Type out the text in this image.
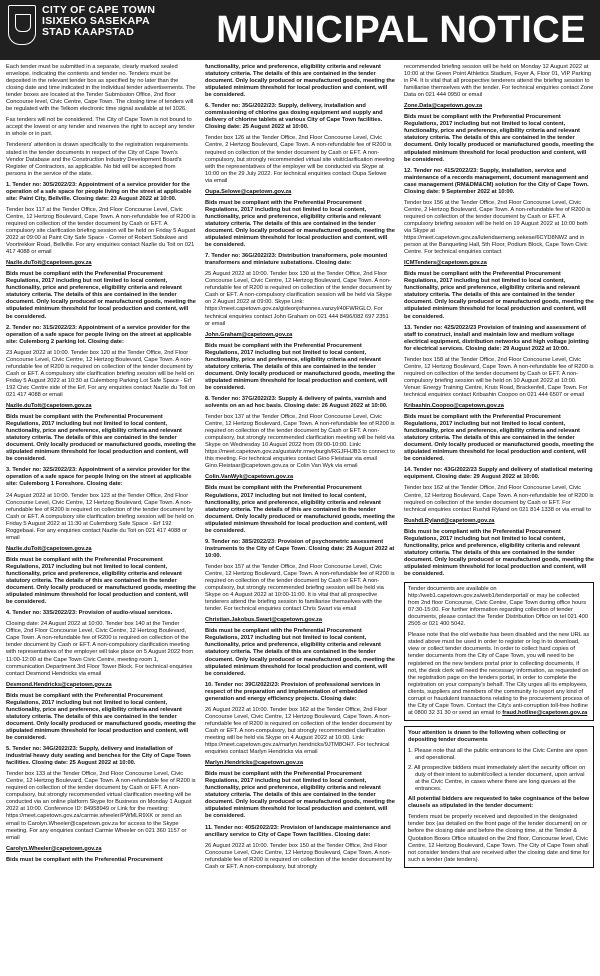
CITY OF CAPE TOWN
ISIXEKO SASEKAPA
STAD KAAPSTAD	MUNICIPAL NOTICE

Each tender must be submitted in a separate, clearly marked sealed envelope, indicating the contents and tender no. Tenders must be deposited in the relevant tender box as specified by no later than the closing date and time indicated in the individual tender advertisements. The tender boxes are located at the Tender Submission Office, 2nd floor Concourse level, Civic Centre, Cape Town. The closing time of tenders will be regulated with the Telkom electronic time signal available at tel 1026.

Fax tenders will not be considered. The City of Cape Town is not bound to accept the lowest or any tender and reserves the right to accept any tender in whole or in part.

Tenderers' attention is drawn specifically to the registration requirements stated in the tender documents in respect of the City of Cape Town's Vendor Database and the Construction Industry Development Board's Register of Contractors, as applicable. No bid will be accepted from persons in the service of the state.

1. Tender no: 30S/2022/23: Appointment of a service provider for the operation of a safe space for people living on the street at applicable site: Paint City, Bellville. Closing date: 23 August 2022 at 10:00.

Tender box 117 at the Tender Office, 2nd Floor Concourse Level, Civic Centre, 12 Hertzog Boulevard, Cape Town. A non-refundable fee of R200 is required on collection of the tender document by Cash or EFT. A compulsory site clarification briefing session will be held on Friday 5 August 2022 at 09:00 at Paint City Safe Space - Corner of Robert Sobukwe and Voortrekker Road, Bellville. For any enquiries contact Nazlie du Toit on 021 417 4088 or email

Nazlie.duToit@capetown.gov.za

Bids must be compliant with the Preferential Procurement Regulations, 2017 including but not limited to local content, functionality, price and preference, eligibility criteria and relevant statutory criteria. The details of this are contained in the tender document. Only locally produced or manufactured goods, meeting the stipulated minimum threshold for local production and content, will be considered.

2. Tender no: 31S/2022/23: Appointment of a service provider for the operation of a safe space for people living on the street at applicable site: Culemborg 2 parking lot. Closing date:

23 August 2022 at 10:00. Tender box 120 at the Tender Office, 2nd Floor Concourse Level, Civic Centre, 12 Hertzog Boulevard, Cape Town. A non-refundable fee of R200 is required on collection of the tender document by Cash or EFT. A compulsory site clarification briefing session will be held on Friday 5 August 2022 at 10:30 at Culemborg Parking Lot Safe Space - Erf 192 Civic Centre side of the Erf. For any enquiries contact Nazlie du Toit on 021 417 4088 or email

Nazlie.duToit@capetown.gov.za

Bids must be compliant with the Preferential Procurement Regulations, 2017 including but not limited to local content, functionality, price and preference, eligibility criteria and relevant statutory criteria. The details of this are contained in the tender document. Only locally produced or manufactured goods, meeting the stipulated minimum threshold for local production and content, will be considered.

3. Tender no: 32S/2022/23: Appointment of a service provider for the operation of a safe space for people living on the street at applicable site: Culemborg 1 Foreshore. Closing date:

24 August 2022 at 10:00. Tender box 123 at the Tender Office, 2nd Floor Concourse Level, Civic Centre, 12 Hertzog Boulevard, Cape Town. A non-refundable fee of R200 is required on collection of the tender document by Cash or EFT. A compulsory site clarification briefing session will be held on Friday 5 August 2022 at 11:30 at Culemborg Safe Space - Erf 192 Roggebaai. For any enquiries contact Nazlie du Toit on 021 417 4088 or email

Nazlie.duToit@capetown.gov.za

Bids must be compliant with the Preferential Procurement Regulations, 2017 including but not limited to local content, functionality, price and preference, eligibility criteria and relevant statutory criteria. The details of this are contained in the tender document. Only locally produced or manufactured goods, meeting the stipulated minimum threshold for local production and content, will be considered.

4. Tender no: 33S/2022/23: Provision of audio-visual services.

Closing date: 24 August 2022 at 10:00. Tender box 140 at the Tender Office, 2nd Floor Concourse Level, Civic Centre, 12 Hertzog Boulevard, Cape Town. A non-refundable fee of R200 is required on collection of the tender document by Cash or EFT. A non-compulsory clarification meeting with representatives of the employer will take place on 5 August 2022 from 11:00-12:00 at the Cape Town Civic Centre, meeting room 1, communication Department 3rd Floor Tower Block. For technical enquiries contact Desmond Hendricks via email

Desmond.Hendricks@capetown.gov.za

Bids must be compliant with the Preferential Procurement Regulations, 2017 including but not limited to local content, functionality, price and preference, eligibility criteria and relevant statutory criteria. The details of this are contained in the tender document. Only locally produced or manufactured goods, meeting the stipulated minimum threshold for local production and content, will be considered.

5. Tender no: 34G/2022/23: Supply, delivery and installation of industrial heavy duty seating and benches for the City of Cape Town facilities. Closing date: 25 August 2022 at 10:00.

Tender box 133 at the Tender Office, 2nd Floor Concourse Level, Civic Centre, 12 Hertzog Boulevard, Cape Town. A non-refundable fee of R200 is required on collection of the tender document by Cash or EFT. A non-compulsory, but strongly recommended virtual clarification meeting will be conducted via an online platform Skype for Business on Monday 1 August 2022 at 10:00. Conference ID: 84958949 or Link for the meeting: https://meet.capetown.gov.za/carmie.wheeler/PWMLR9XK or send an email to Carolyn.Wheeler@capetown.gov.za for access to the Skype meeting. For any enquiries contact Carmie Wheeler on 021 360 1157 or email

Carolyn.Wheeler@capetown.gov.za

Bids must be compliant with the Preferential Procurement

functionality, price and preference, eligibility criteria and relevant statutory criteria. The details of this are contained in the tender document. Only locally produced or manufactured goods, meeting the stipulated minimum threshold for local production and content, will be considered.

6. Tender no: 35G/2022/23: Supply, delivery, installation and commissioning of chlorine gas dosing equipment and supply and delivery of chlorine tablets at various City of Cape Town facilities. Closing date: 25 August 2022 at 10:00.

Tender box 126 at the Tender Office, 2nd Floor Concourse Level, Civic Centre, 2 Hertzog Boulevard, Cape Town. A non-refundable fee of R200 is required on collection of the tender document by Cash or EFT. A non-compulsory, but strongly recommended virtual site visit/clarification meeting with the representatives of the employer will be conducted via Skype at 10:00 on the 29 July 2022. For technical enquiries contact Oupa Selowe via email

Oupa.Selowe@capetown.gov.za

Bids must be compliant with the Preferential Procurement Regulations, 2017 including but not limited to local content, functionality, price and preference, eligibility criteria and relevant statutory criteria. The details of this are contained in the tender document. Only locally produced or manufactured goods, meeting the stipulated minimum threshold for local production and content, will be considered.

7. Tender no: 36G/2022/23: Distribution transformers, pole mounted transformers and miniature substations. Closing date:

25 August 2022 at 10:00. Tender box 130 at the Tender Office, 2nd Floor Concourse Level, Civic Centre, 12 Hertzog Boulevard, Cape Town. A non-refundable fee of R200 is required on collection of the tender document by Cash or EFT. A non-compulsory clarification session will be held via Skype on 2 August 2022 at 09:00. Skype Link: https://meet.capetown.gov.za/gideonjohannes.vanzyl/40FWRGLO. For technical enquiries contact John Graham on 021 444 8496/082 697 2351 or email

John.Graham@capetown.gov.za

Bids must be compliant with the Preferential Procurement Regulations, 2017 including but not limited to local content, functionality, price and preference, eligibility criteria and relevant statutory criteria. The details of this are contained in the tender document. Only locally produced or manufactured goods, meeting the stipulated minimum threshold for local production and content, will be considered.

8. Tender no: 37G/2022/23: Supply & delivery of paints, varnish and solvents on an ad hoc basis. Closing date: 26 August 2022 at 10:00.

Tender box 137 at the Tender Office, 2nd Floor Concourse Level, Civic Centre, 12 Hertzog Boulevard, Cape Town. A non-refundable fee of R200 is required on collection of the tender document by Cash or EFT. A non-compulsory, but strongly recommended clarification meeting will be held via Skype on Wednesday 10 August 2022 from 09:00-10:00. Link: https://meet.capetown.gov.za/gustavhr.rmeyburgh/RGJFHJB3 to connect to this meeting. For technical enquiries contact Gino Fleistaar via email Gino.Fleistaar@capetown.gov.za or Colin Van Wyk via email

Colin.VanWyk@capetown.gov.za

Bids must be compliant with the Preferential Procurement Regulations, 2017 including but not limited to local content, functionality, price and preference, eligibility criteria and relevant statutory criteria. The details of this are contained in the tender document. Only locally produced or manufactured goods, meeting the stipulated minimum threshold for local production and content, will be considered.

9. Tender no: 38S/2022/23: Provision of psychometric assessment instruments to the City of Cape Town. Closing date: 25 August 2022 at 10:00.

Tender box 157 at the Tender Office, 2nd Floor Concourse Level, Civic Centre, 12 Hertzog Boulevard, Cape Town. A non-refundable fee of R200 is required on collection of the tender document by Cash or EFT. A non-compulsory, but strongly recommended briefing session will be held via Skype on 4 August 2022 at 10:00-11:00. It is vital that all prospective tenderers attend the briefing session to familiarise themselves with the tender. For technical enquiries contact Chris Swart via email

Christian.Jakobus.Swart@capetown.gov.za

Bids must be compliant with the Preferential Procurement Regulations, 2017 including but not limited to local content, functionality, price and preference, eligibility criteria and relevant statutory criteria. The details of this are contained in the tender document. Only locally produced or manufactured goods, meeting the stipulated minimum threshold for local production and content, will be considered.

10. Tender no: 39C/2022/23: Provision of professional services in respect of the preparation and implementation of embedded generation and energy efficiency projects. Closing date:

26 August 2022 at 10:00. Tender box 162 at the Tender Office, 2nd Floor Concourse Level, Civic Centre, 12 Hertzog Boulevard, Cape Town. A non-refundable fee of R200 is required on collection of the tender document by Cash or EFT. A non-compulsory, but strongly recommended clarification meeting will be held via Skype on 4 August 2022 at 10:00. Link: https://meet.capetown.gov.za/marlyn.hendricks/9JTM8OH7. For technical enquiries contact Marlyn Hendricks via email

Marlyn.Hendricks@capetown.gov.za

Bids must be compliant with the Preferential Procurement Regulations, 2017 including but not limited to local content, functionality, price and preference, eligibility criteria and relevant statutory criteria. The details of this are contained in the tender document. Only locally produced or manufactured goods, meeting the stipulated minimum threshold for local production and content, will be considered.

11. Tender no: 40S/2022/23: Provision of landscape maintenance and ancillary service to City of Cape Town facilities. Closing date:

26 August 2022 at 10:00. Tender box 150 at the Tender Office, 2nd Floor Concourse Level, Civic Centre, 12 Hertzog Boulevard, Cape Town. A non-refundable fee of R200 is required on collection of the tender document by Cash or EFT. A non-compulsory, but strongly

recommended briefing session will be held on Monday 12 August 2022 at 10:00 at the Green Point Athletics Stadium, Foyer A, Floor 01, VIP Parking in P4. It is vital that all prospective tenderers attend the briefing session to familiarise themselves with the tender. For technical enquiries contact Zone Data on 021 444 0950 or email

Zone.Data@capetown.gov.za

Bids must be compliant with the Preferential Procurement Regulations, 2017 including but not limited to local content, functionality, price and preference, eligibility criteria and relevant statutory criteria. The details of this are contained in the tender document. Only locally produced or manufactured goods, meeting the stipulated minimum threshold for local production and content, will be considered.

12. Tender no: 41S/2022/23: Supply, installation, service and maintenance of a records management, document management and case management (RM&DM&CM) solution for the City of Cape Town. Closing date: 9 September 2022 at 10:00.

Tender box 156 at the Tender Office, 2nd Floor Concourse Level, Civic Centre, 2 Hertzog Boulevard, Cape Town. A non-refundable fee of R200 is required on collection of the tender document by Cash or EFT. A compulsory briefing session will be held on 19 August 2022 at 10:00 both via Skype at https://meet.capetown.gov.za/lutendaemeng.sekese/6CYD8NW2 and in person at the Banqueting Hall, 5th Floor, Podium Block, Cape Town Civic Centre. For technical enquiries contact

ICMTenders@capetown.gov.za

Bids must be compliant with the Preferential Procurement Regulations, 2017 including but not limited to local content, functionality, price and preference, eligibility criteria and relevant statutory criteria. The details of this are contained in the tender document. Only locally produced or manufactured goods, meeting the stipulated minimum threshold for local production and content, will be considered.

13. Tender no: 42S/2022/23 Provision of training and assessment of staff to construct, install and maintain low and medium voltage electrical equipment, distribution networks and high voltage jointing for electrical services. Closing date: 29 August 2022 at 10:00.

Tender box 158 at the Tender Office, 2nd Floor Concourse Level, Civic Centre, 12 Hertzog Boulevard, Cape Town. A non-refundable fee of R200 is required on collection of the tender document by Cash or EFT. A non-compulsory briefing session will be held on 10 August 2022 at 10:00. Venue: Energy Training Centre, Kruis Road, Brackenfell, Cape Town. For technical enquiries contact Kribashin Coopoo on 021 444 6507 or email

Kribashin.Coopoo@capetown.gov.za

Bids must be compliant with the Preferential Procurement Regulations, 2017 including but not limited to local content, functionality, price and preference, eligibility criteria and relevant statutory criteria. The details of this are contained in the tender document. Only locally produced or manufactured goods, meeting the stipulated minimum threshold for local production and content, will be considered.

14. Tender no: 43G/2022/23 Supply and delivery of statistical metering equipment. Closing date: 29 August 2022 at 10:00.

Tender box 162 at the Tender Office, 2nd Floor Concourse Level, Civic Centre, 12 Hertzog Boulevard, Cape Town. A non-refundable fee of R200 is required on collection of the tender document by Cash or EFT. For technical enquiries contact Rushdi Ryland on 021 814 1338 or via email to

Rushdi.Ryland@capetown.gov.za

Bids must be compliant with the Preferential Procurement Regulations, 2017 including but not limited to local content, functionality, price and preference, eligibility criteria and relevant statutory criteria. The details of this are contained in the tender document. Only locally produced or manufactured goods, meeting the stipulated minimum threshold for local production and content, will be considered.

Tender documents are available on http://web1.capetown.gov.za/web1/tenderportal/ or may be collected from 2nd floor Concourse, Civic Centre, Cape Town during office hours 07:30-15:00. For further information regarding collection of tender documents, please contact the Tender Distribution Office on tel 021 400 2505 or 021 400 5042.

Please note that the old website has been disabled and the new URL as stated above must be used in order to register or log in to download, view or collect tender documents. In order to collect hard copies of tender documents from the City of Cape Town, you will need to be registered on the new tenders portal prior to collecting documents, if not, the desk clerk will need the necessary information, as requested on the registration page on the tenders portal, in order to complete the registration on your company's behalf. The City urges all its employees, clients, suppliers and members of the community to report any kind of corrupt or fraudulent transactions relating to the procurement process of the City of Cape Town. Contact the City's anti-corruption toll-free hotline at 0800 32 31 30 or send an email to fraud.hotline@capetown.gov.za

Your attention is drawn to the following when collecting or depositing tender documents

1. Please note that all the public entrances to the Civic Centre are open and operational.

2. All prospective bidders must immediately alert the security officer on duty of their intent to submit/collect a tender document, upon arrival at the Civic Centre, in cases where there are long queues at the entrances.

All potential bidders are requested to take cognisance of the below clause/s as stipulated in the tender document:

Tenders must be properly received and deposited in the designated tender box (as detailed on the front page of the tender document) on or before the closing date and before the closing time, at the Tender & Quotation Boxes Office situated on the 2nd floor, Concourse level, Civic Centre, 12 Hertzog Boulevard, Cape Town. The City of Cape Town shall not consider tenders that are received after the closing date and time for such a tender (late tenders).
